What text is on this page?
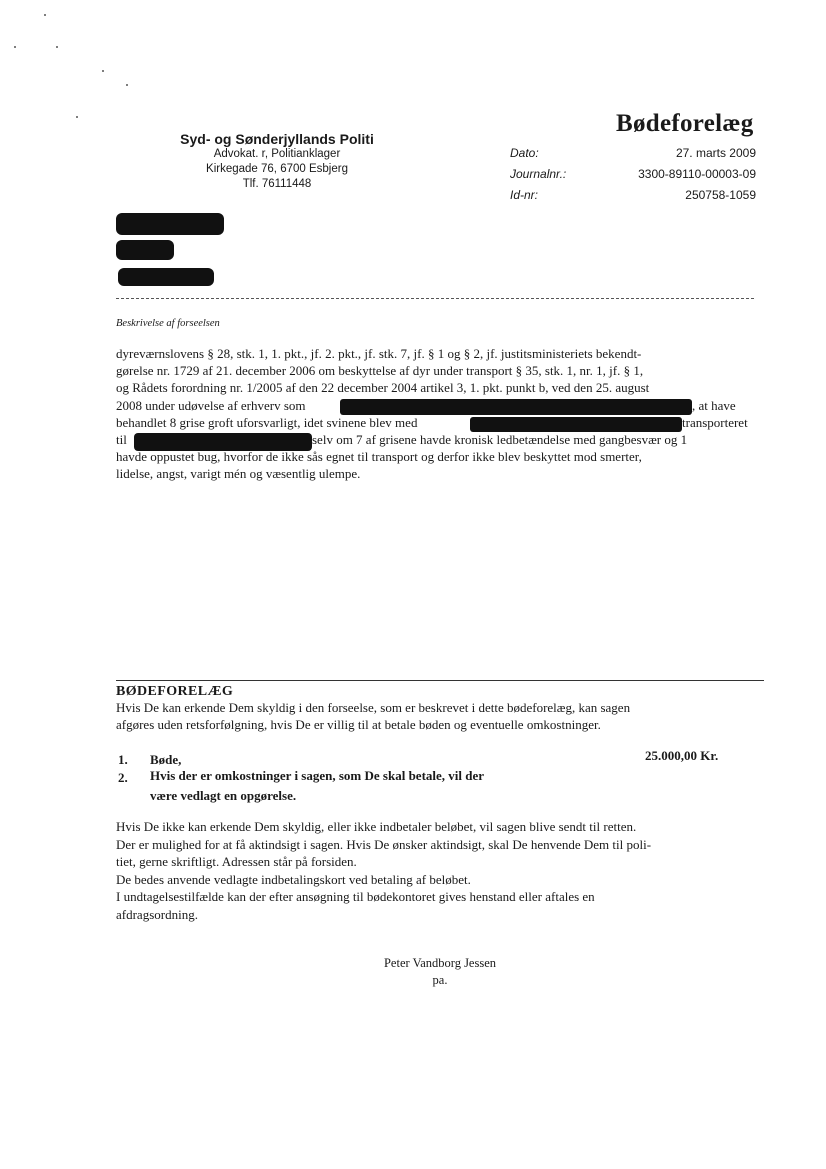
Bødeforelæg
Syd- og Sønderjyllands Politi
Advokat. r, Politianklager
Kirkegade 76, 6700 Esbjerg
Tlf. 76111448
Dato:	27. marts 2009
Journalnr.:	3300-89110-00003-09
Id-nr:	250758-1059
Beskrivelse af forseelsen
dyreværnslovens § 28, stk. 1, 1. pkt., jf. 2. pkt., jf. stk. 7, jf. § 1 og § 2, jf. justitsministeriets bekendt-
gørelse nr. 1729 af 21. december 2006 om beskyttelse af dyr under transport § 35, stk. 1, nr. 1, jf. § 1,
og Rådets forordning nr. 1/2005 af den 22 december 2004 artikel 3, 1. pkt. punkt b, ved den 25. august
2008 under udøvelse af erhverv som	, at have
behandlet 8 grise groft uforsvarligt, idet svinene blev med	transporteret
til	selv om 7 af grisene havde kronisk ledbetændelse med gangbesvær og 1
havde oppustet bug, hvorfor de ikke sås egnet til transport og derfor ikke blev beskyttet mod smerter,
lidelse, angst, varigt mén og væsentlig ulempe.
BØDEFORELÆG
Hvis De kan erkende Dem skyldig i den forseelse, som er beskrevet i dette bødeforelæg, kan sagen
afgøres uden retsforfølgning, hvis De er villig til at betale bøden og eventuelle omkostninger.
1. Bøde,	25.000,00 Kr.
2. Hvis der er omkostninger i sagen, som De skal betale, vil der
være vedlagt en opgørelse.
Hvis De ikke kan erkende Dem skyldig, eller ikke indbetaler beløbet, vil sagen blive sendt til retten.
Der er mulighed for at få aktindsigt i sagen. Hvis De ønsker aktindsigt, skal De henvende Dem til poli-
tiet, gerne skriftligt. Adressen står på forsiden.
De bedes anvende vedlagte indbetalingskort ved betaling af beløbet.
I undtagelsestilfælde kan der efter ansøgning til bødekontoret gives henstand eller aftales en
afdragsordning.
Peter Vandborg Jessen
pa.
